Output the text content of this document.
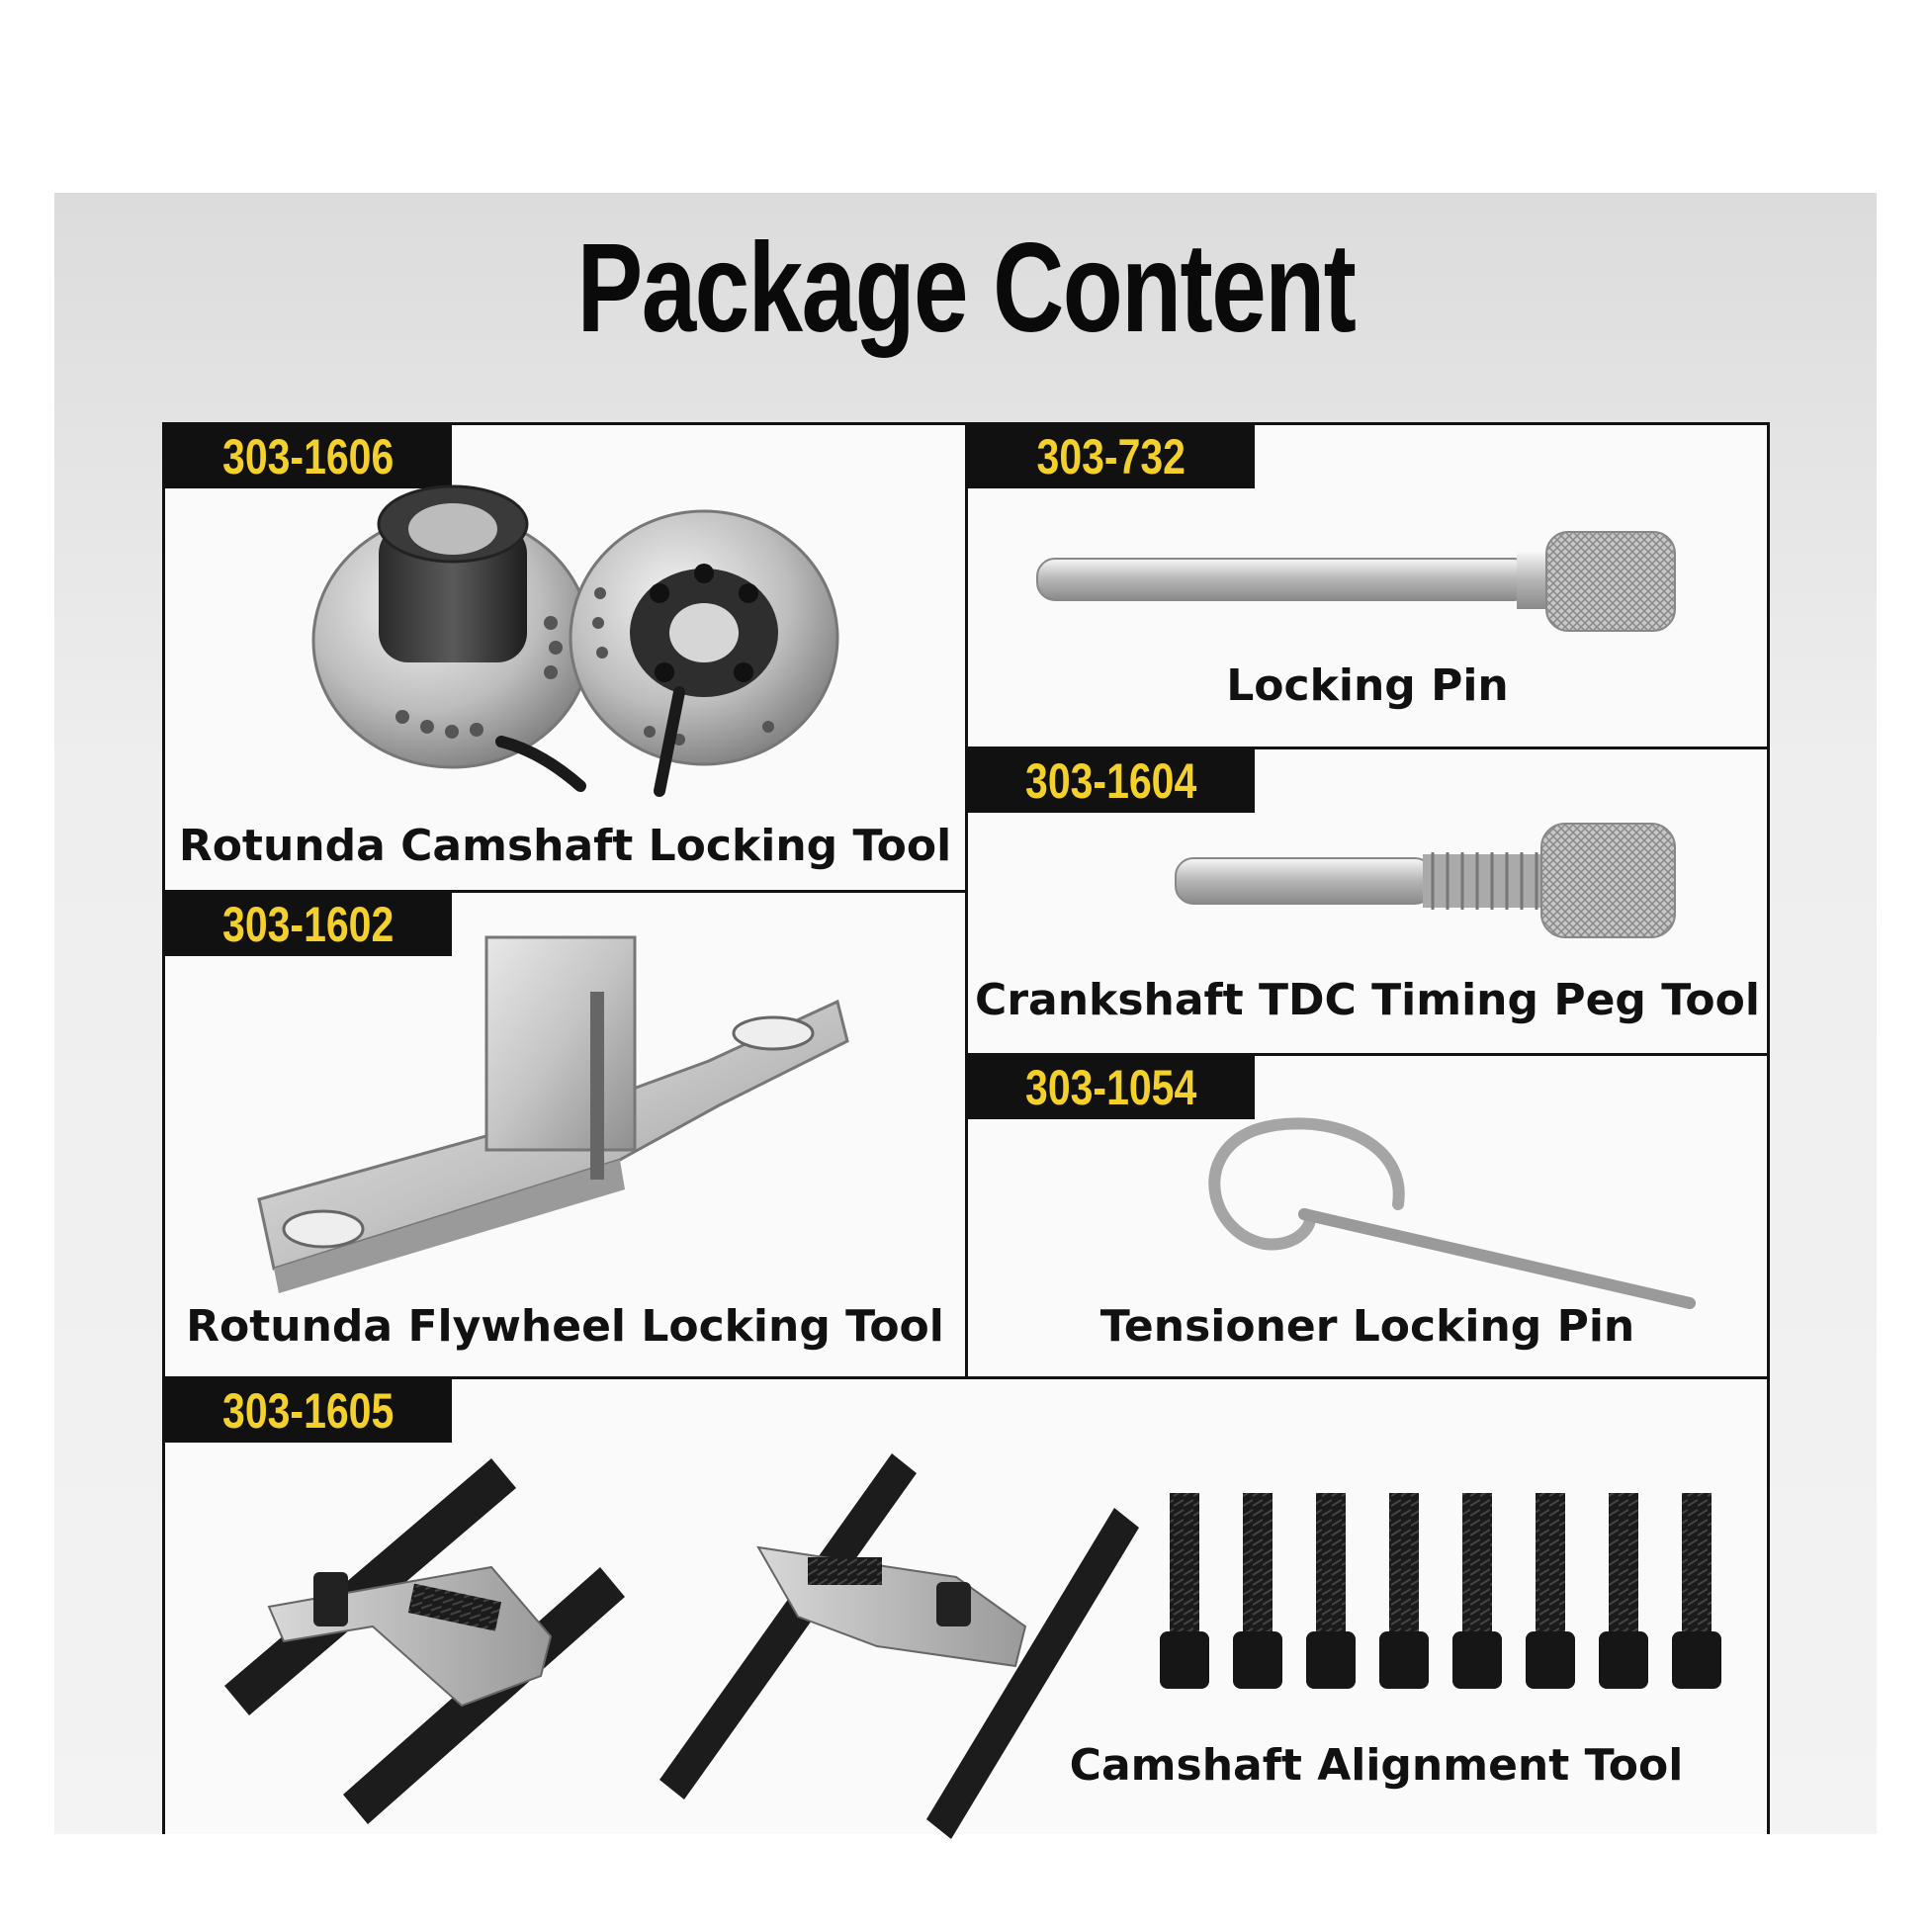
Package Content
303-1606
Rotunda Camshaft Locking Tool
303-732
Locking Pin
303-1604
Crankshaft TDC Timing Peg Tool
303-1602
Rotunda Flywheel Locking Tool
303-1054
Tensioner Locking Pin
303-1605
Camshaft Alignment Tool
